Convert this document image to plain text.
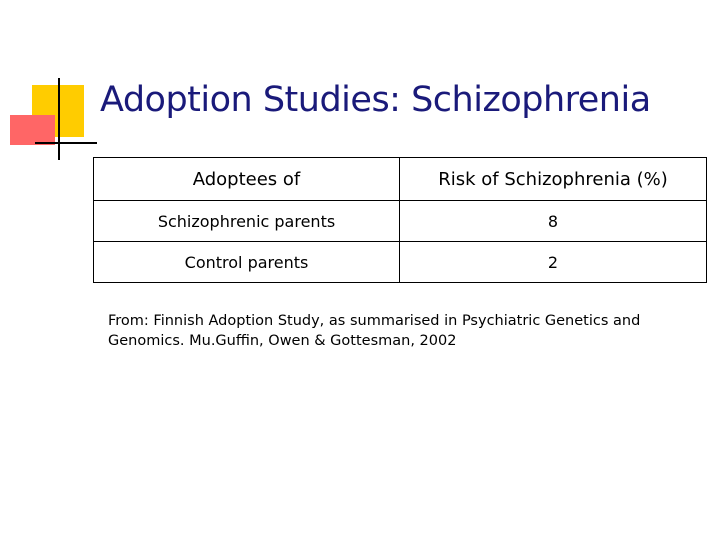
Adoption Studies: Schizophrenia
Adoptees of	Risk of Schizophrenia (%)
Schizophrenic parents	8
Control parents	2
From: Finnish Adoption Study, as summarised in Psychiatric Genetics and
Genomics. Mu.Guffin, Owen & Gottesman, 2002
